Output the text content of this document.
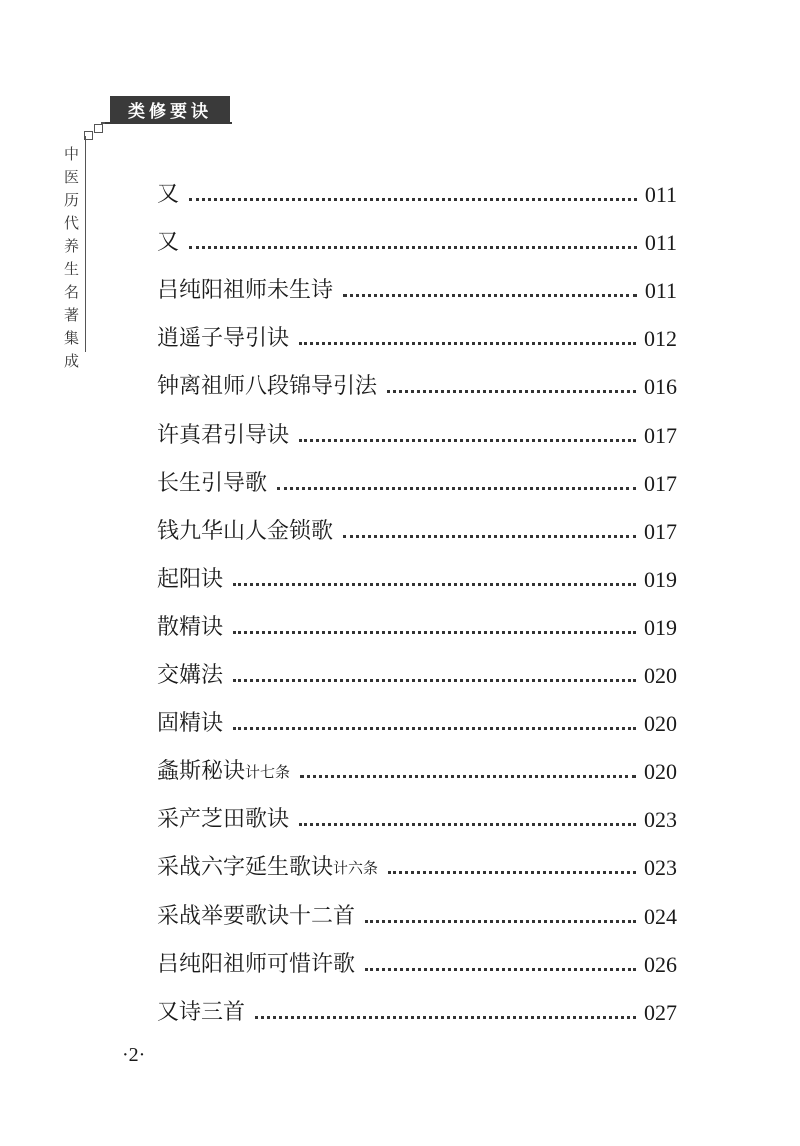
类修要诀
中医历代养生名著集成	又	011
又	011
吕纯阳祖师未生诗	011
逍遥子导引诀	012
钟离祖师八段锦导引法	016
许真君引导诀	017
长生引导歌	017
钱九华山人金锁歌	017
起阳诀	019
散精诀	019
交媾法	020
固精诀	020
螽斯秘诀 计七条	020
采产芝田歌诀	023
采战六字延生歌诀 计六条	023
采战举要歌诀十二首	024
吕纯阳祖师可惜许歌	026
又诗三首	027
·2·
